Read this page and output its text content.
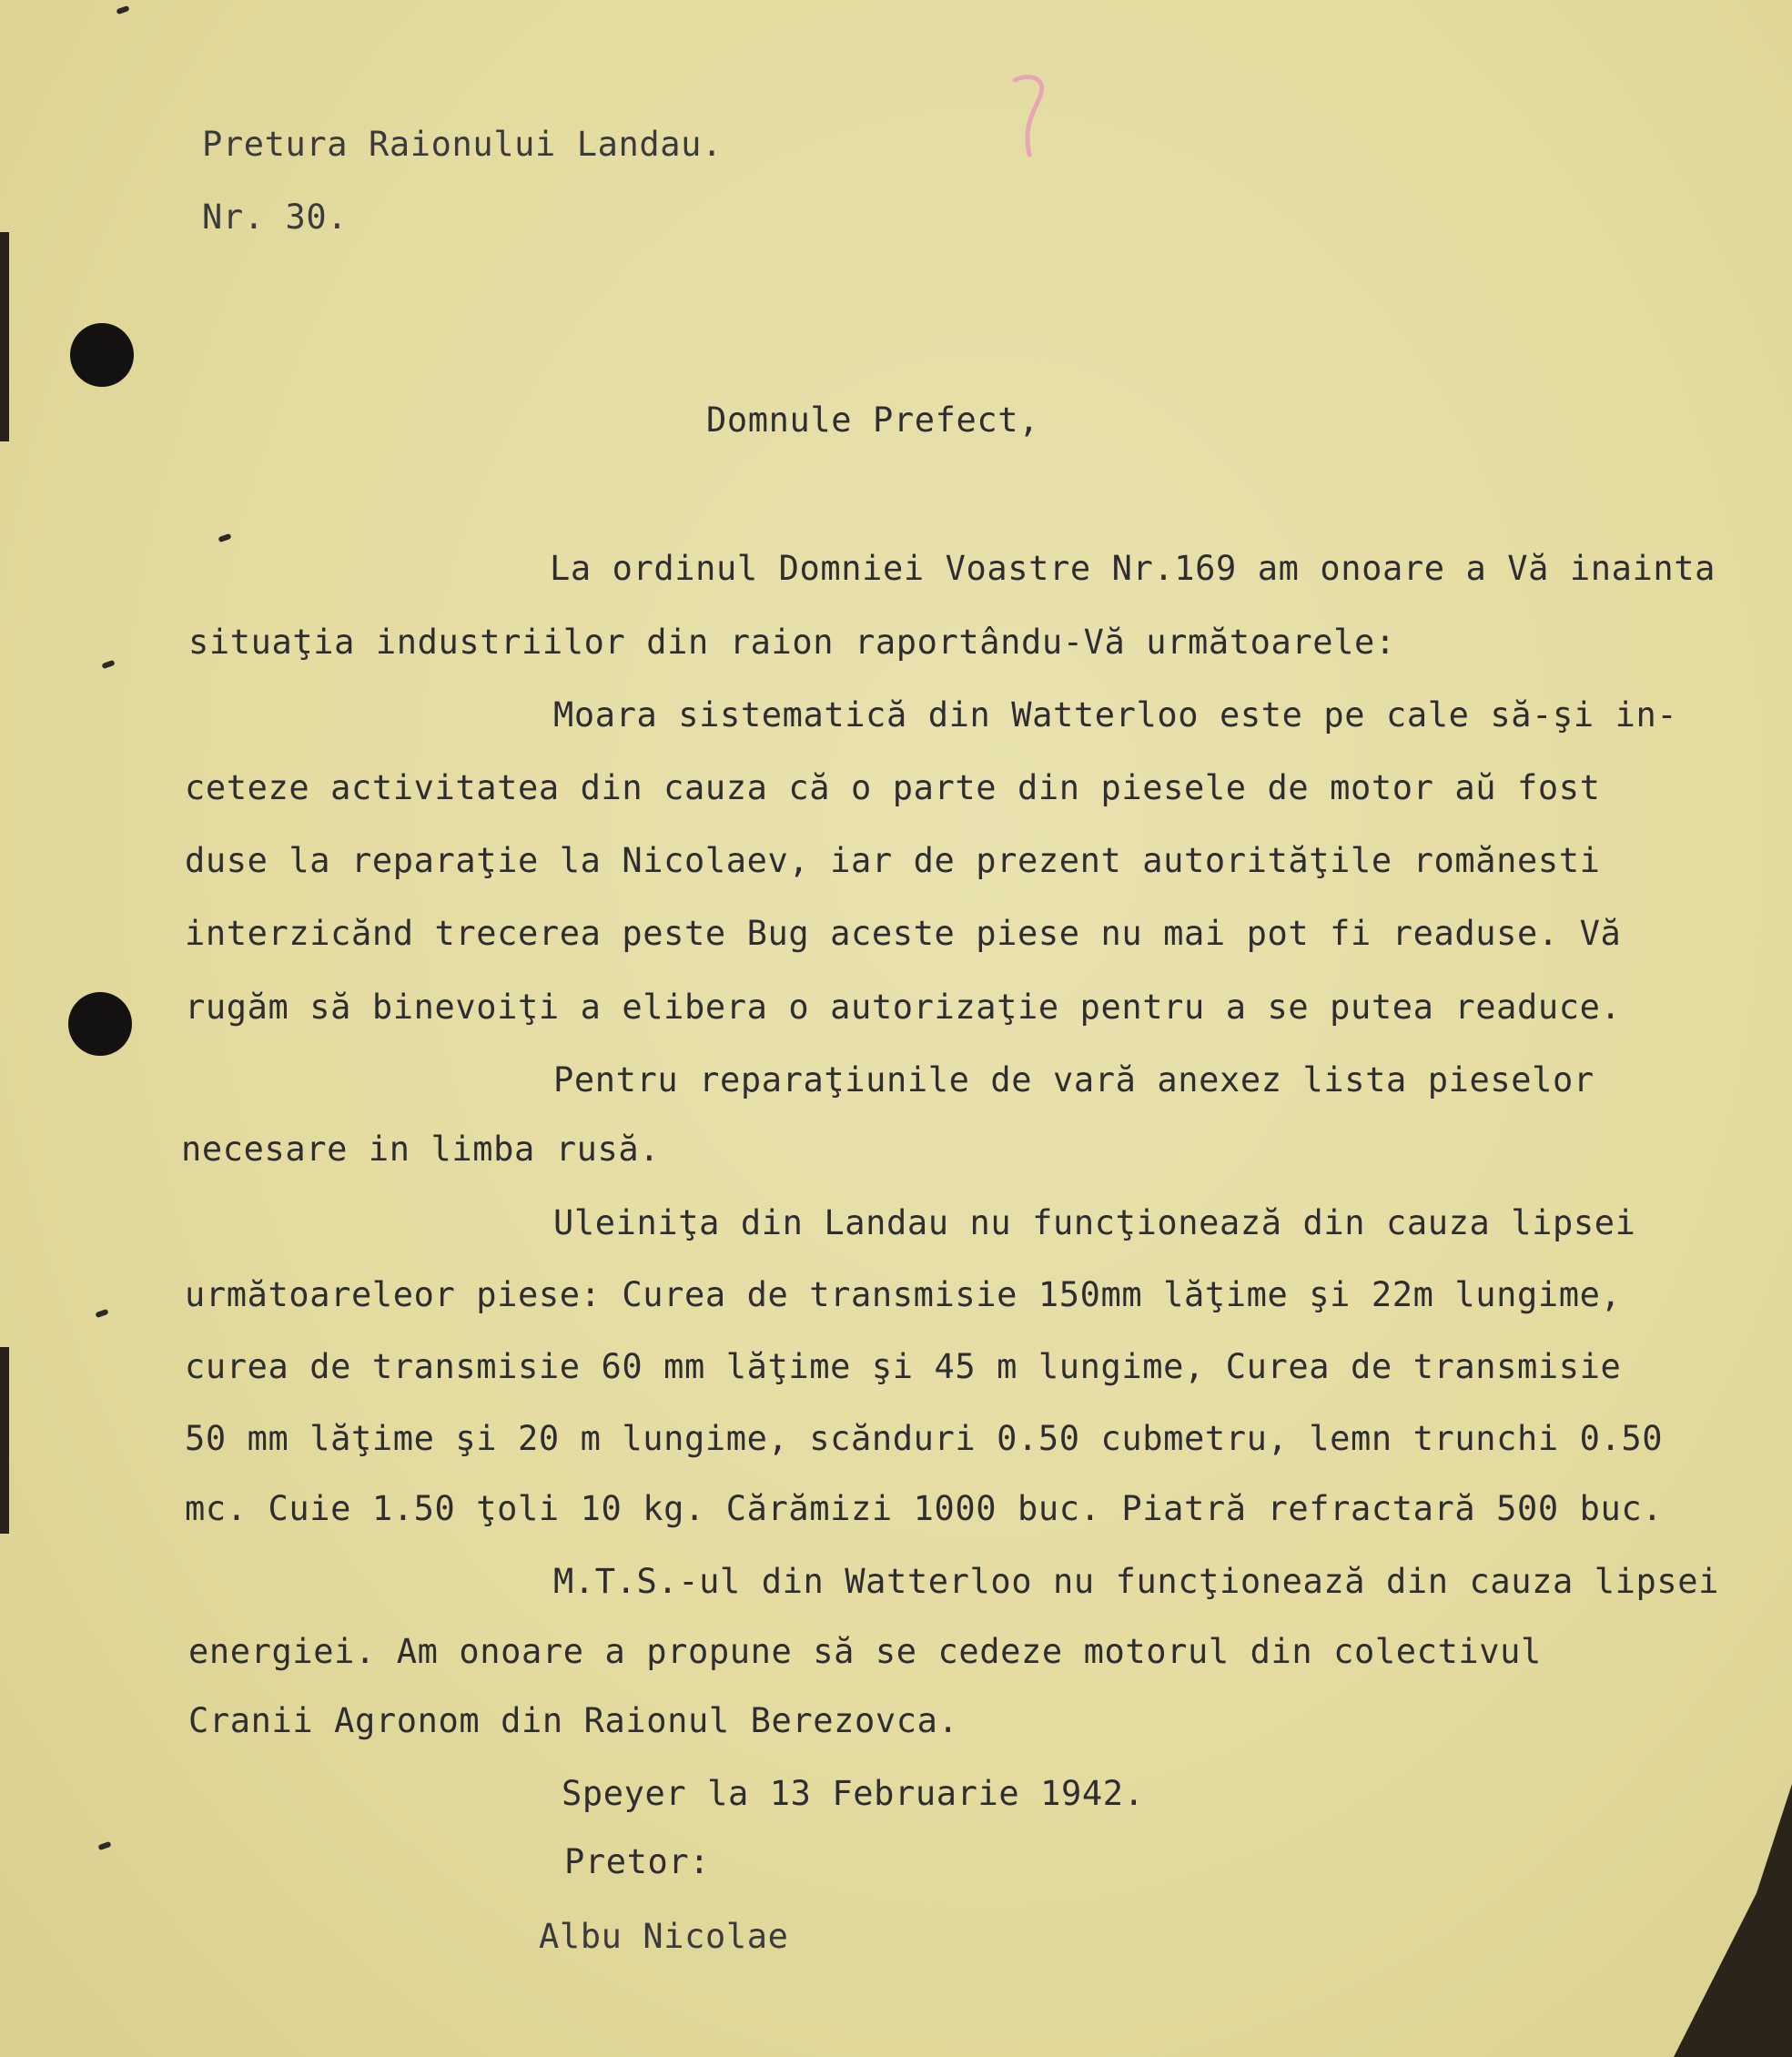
Pretura Raionului Landau.
Nr. 30.
Domnule Prefect,
La ordinul Domniei Voastre Nr.169 am onoare a Vă inainta
situaţia industriilor din raion raportându-Vă următoarele:
Moara sistematică din Watterloo este pe cale să-şi in-
ceteze activitatea din cauza că o parte din piesele de motor aŭ fost
duse la reparaţie la Nicolaev, iar de prezent autorităţile romănesti
interzicănd trecerea peste Bug aceste piese nu mai pot fi readuse. Vă
rugăm să binevoiţi a elibera o autorizaţie pentru a se putea readuce.
Pentru reparaţiunile de vară anexez lista pieselor
necesare in limba rusă.
Uleiniţa din Landau nu funcţionează din cauza lipsei
următoareleor piese: Curea de transmisie 150mm lăţime şi 22m lungime,
curea de transmisie 60 mm lăţime şi 45 m lungime, Curea de transmisie
50 mm lăţime şi 20 m lungime, scănduri 0.50 cubmetru, lemn trunchi 0.50
mc. Cuie 1.50 ţoli 10 kg. Cărămizi 1000 buc. Piatră refractară 500 buc.
M.T.S.-ul din Watterloo nu funcţionează din cauza lipsei
energiei. Am onoare a propune să se cedeze motorul din colectivul
Cranii Agronom din Raionul Berezovca.
Speyer la 13 Februarie 1942.
Pretor:
Albu Nicolae
